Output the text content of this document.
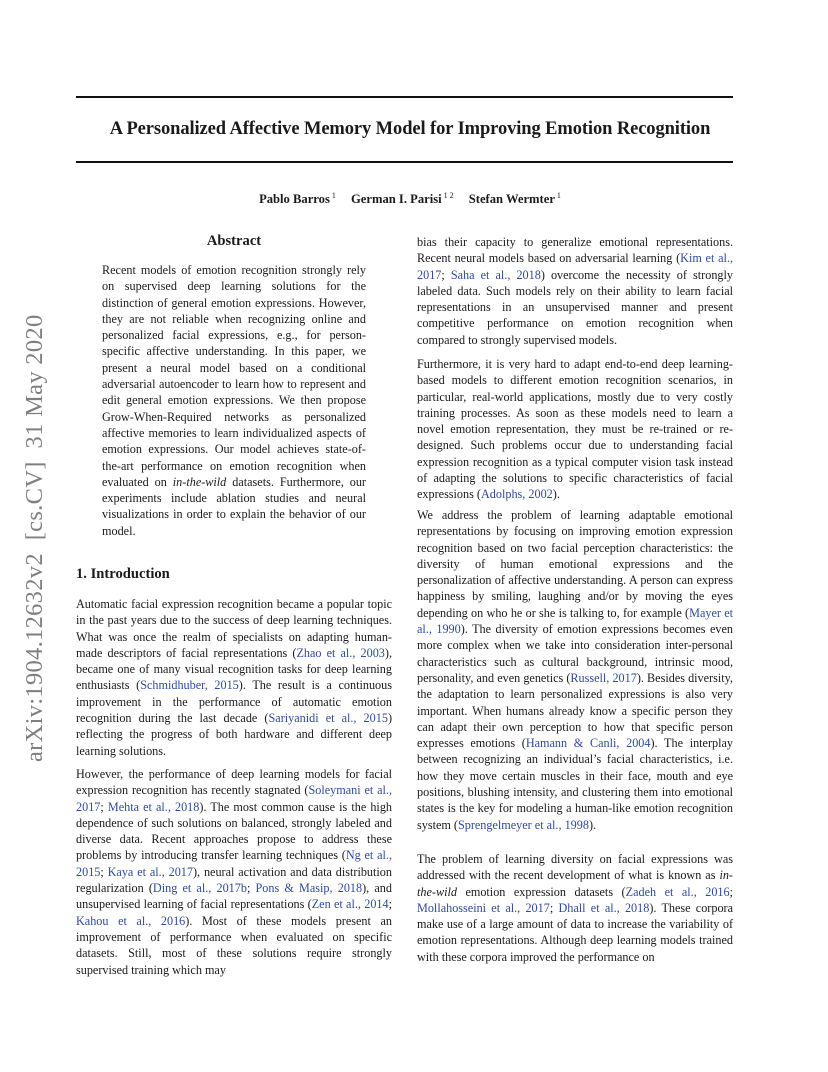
A Personalized Affective Memory Model for Improving Emotion Recognition
Pablo Barros $^1$ German I. Parisi $^{1 2}$ Stefan Wermter $^1$
arXiv:1904.12632v2  [cs.CV]  31 May 2020
Abstract
Recent models of emotion recognition strongly rely on supervised deep learning solutions for the distinction of general emotion expressions. However, they are not reliable when recognizing online and personalized facial expressions, e.g., for person-specific affective understanding. In this paper, we present a neural model based on a conditional adversarial autoencoder to learn how to represent and edit general emotion expressions. We then propose Grow-When-Required networks as personalized affective memories to learn individualized aspects of emotion expressions. Our model achieves state-of-the-art performance on emotion recognition when evaluated on in-the-wild datasets. Furthermore, our experiments include ablation studies and neural visualizations in order to explain the behavior of our model.
1. Introduction

Automatic facial expression recognition became a popular topic in the past years due to the success of deep learning techniques. What was once the realm of specialists on adapting human-made descriptors of facial representations (Zhao et al., 2003), became one of many visual recognition tasks for deep learning enthusiasts (Schmidhuber, 2015). The result is a continuous improvement in the performance of automatic emotion recognition during the last decade (Sariyanidi et al., 2015) reflecting the progress of both hardware and different deep learning solutions.

However, the performance of deep learning models for facial expression recognition has recently stagnated (Soleymani et al., 2017; Mehta et al., 2018). The most common cause is the high dependence of such solutions on balanced, strongly labeled and diverse data. Recent approaches propose to address these problems by introducing transfer learning techniques (Ng et al., 2015; Kaya et al., 2017), neural activation and data distribution regularization (Ding et al., 2017b; Pons & Masip, 2018), and unsupervised learning of facial representations (Zen et al., 2014; Kahou et al., 2016). Most of these models present an improvement of performance when evaluated on specific datasets. Still, most of these solutions require strongly supervised training which may

bias their capacity to generalize emotional representations. Recent neural models based on adversarial learning (Kim et al., 2017; Saha et al., 2018) overcome the necessity of strongly labeled data. Such models rely on their ability to learn facial representations in an unsupervised manner and present competitive performance on emotion recognition when compared to strongly supervised models.

Furthermore, it is very hard to adapt end-to-end deep learning-based models to different emotion recognition scenarios, in particular, real-world applications, mostly due to very costly training processes. As soon as these models need to learn a novel emotion representation, they must be re-trained or re-designed. Such problems occur due to understanding facial expression recognition as a typical computer vision task instead of adapting the solutions to specific characteristics of facial expressions (Adolphs, 2002).

We address the problem of learning adaptable emotional representations by focusing on improving emotion expression recognition based on two facial perception characteristics: the diversity of human emotional expressions and the personalization of affective understanding. A person can express happiness by smiling, laughing and/or by moving the eyes depending on who he or she is talking to, for example (Mayer et al., 1990). The diversity of emotion expressions becomes even more complex when we take into consideration inter-personal characteristics such as cultural background, intrinsic mood, personality, and even genetics (Russell, 2017). Besides diversity, the adaptation to learn personalized expressions is also very important. When humans already know a specific person they can adapt their own perception to how that specific person expresses emotions (Hamann & Canli, 2004). The interplay between recognizing an individual’s facial characteristics, i.e. how they move certain muscles in their face, mouth and eye positions, blushing intensity, and clustering them into emotional states is the key for modeling a human-like emotion recognition system (Sprengelmeyer et al., 1998).

The problem of learning diversity on facial expressions was addressed with the recent development of what is known as in-the-wild emotion expression datasets (Zadeh et al., 2016; Mollahosseini et al., 2017; Dhall et al., 2018). These corpora make use of a large amount of data to increase the variability of emotion representations. Although deep learning models trained with these corpora improved the performance on
